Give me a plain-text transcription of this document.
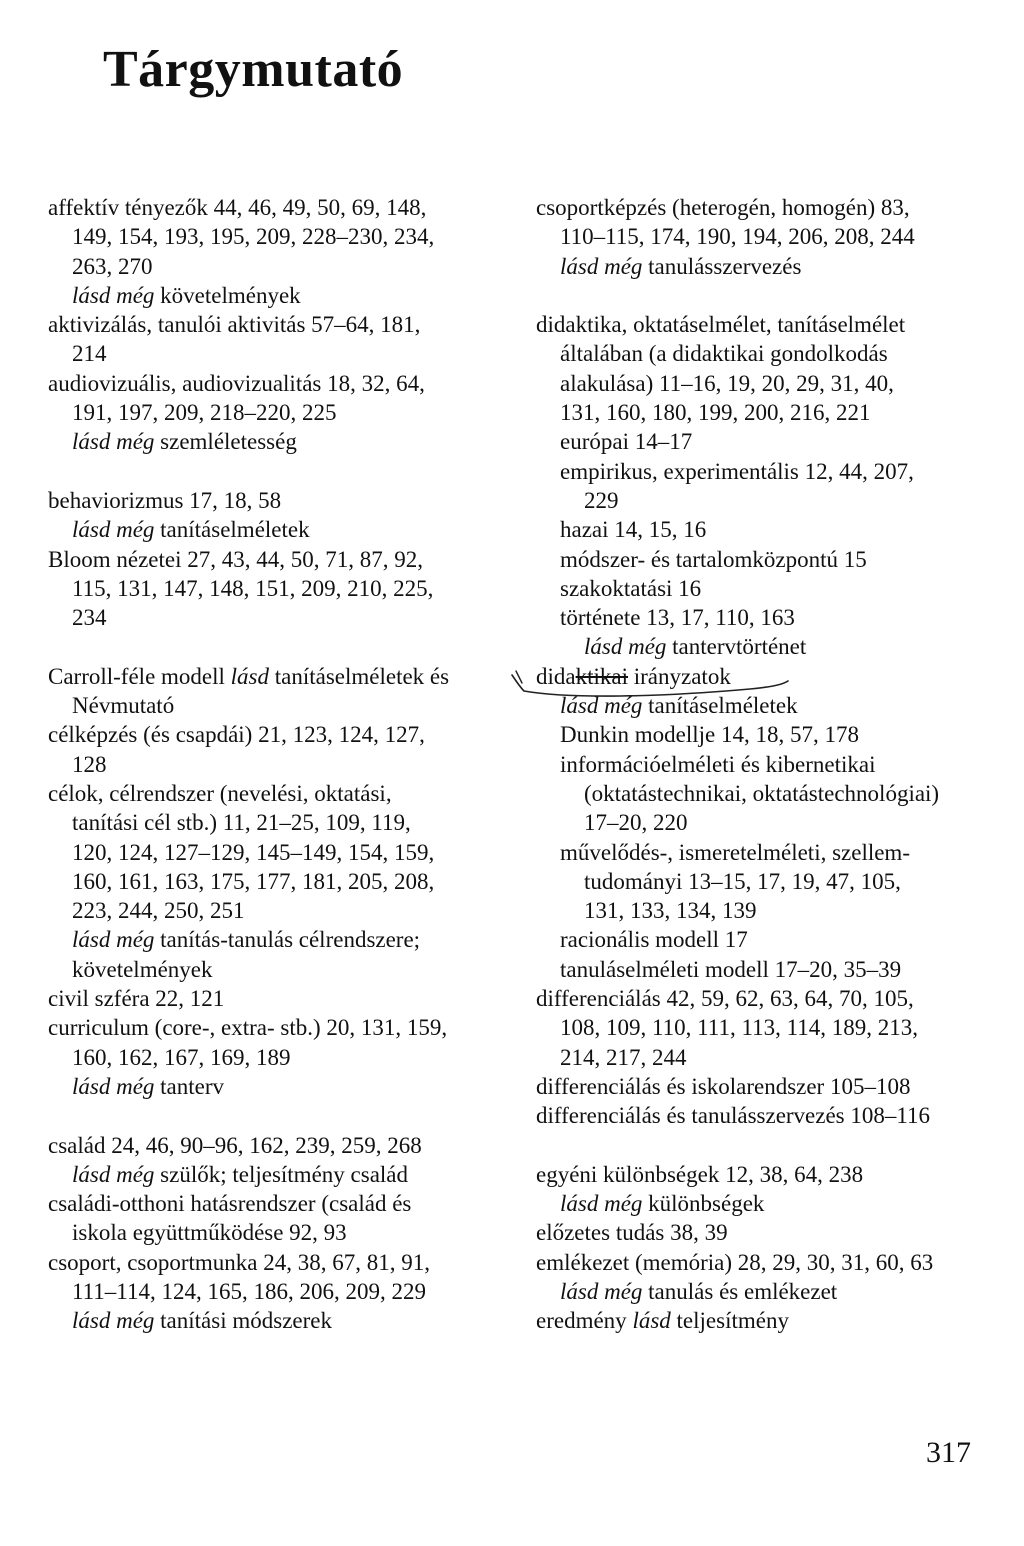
Tárgymutató
affektív tényezők 44, 46, 49, 50, 69, 148,
149, 154, 193, 195, 209, 228–230, 234,
263, 270
lásd még követelmények
aktivizálás, tanulói aktivitás 57–64, 181,
214
audiovizuális, audiovizualitás 18, 32, 64,
191, 197, 209, 218–220, 225
lásd még szemléletesség
behaviorizmus 17, 18, 58
lásd még tanításelméletek
Bloom nézetei 27, 43, 44, 50, 71, 87, 92,
115, 131, 147, 148, 151, 209, 210, 225,
234
Carroll-féle modell lásd tanításelméletek és
Névmutató
célképzés (és csapdái) 21, 123, 124, 127,
128
célok, célrendszer (nevelési, oktatási,
tanítási cél stb.) 11, 21–25, 109, 119,
120, 124, 127–129, 145–149, 154, 159,
160, 161, 163, 175, 177, 181, 205, 208,
223, 244, 250, 251
lásd még tanítás-tanulás célrendszere;
követelmények
civil szféra 22, 121
curriculum (core-, extra- stb.) 20, 131, 159,
160, 162, 167, 169, 189
lásd még tanterv
család 24, 46, 90–96, 162, 239, 259, 268
lásd még szülők; teljesítmény család
családi-otthoni hatásrendszer (család és
iskola együttműködése 92, 93
csoport, csoportmunka 24, 38, 67, 81, 91,
111–114, 124, 165, 186, 206, 209, 229
lásd még tanítási módszerek
csoportképzés (heterogén, homogén) 83,
110–115, 174, 190, 194, 206, 208, 244
lásd még tanulásszervezés
didaktika, oktatáselmélet, tanításelmélet
általában (a didaktikai gondolkodás
alakulása) 11–16, 19, 20, 29, 31, 40,
131, 160, 180, 199, 200, 216, 221
európai 14–17
empirikus, experimentális 12, 44, 207,
229
hazai 14, 15, 16
módszer- és tartalomközpontú 15
szakoktatási 16
története 13, 17, 110, 163
lásd még tantervtörténet
didaktikai irányzatok
lásd még tanításelméletek
Dunkin modellje 14, 18, 57, 178
információelméleti és kibernetikai
(oktatástechnikai, oktatástechnológiai)
17–20, 220
művelődés-, ismeretelméleti, szellem-
tudományi 13–15, 17, 19, 47, 105,
131, 133, 134, 139
racionális modell 17
tanuláselméleti modell 17–20, 35–39
differenciálás 42, 59, 62, 63, 64, 70, 105,
108, 109, 110, 111, 113, 114, 189, 213,
214, 217, 244
differenciálás és iskolarendszer 105–108
differenciálás és tanulásszervezés 108–116
egyéni különbségek 12, 38, 64, 238
lásd még különbségek
előzetes tudás 38, 39
emlékezet (memória) 28, 29, 30, 31, 60, 63
lásd még tanulás és emlékezet
eredmény lásd teljesítmény

317
